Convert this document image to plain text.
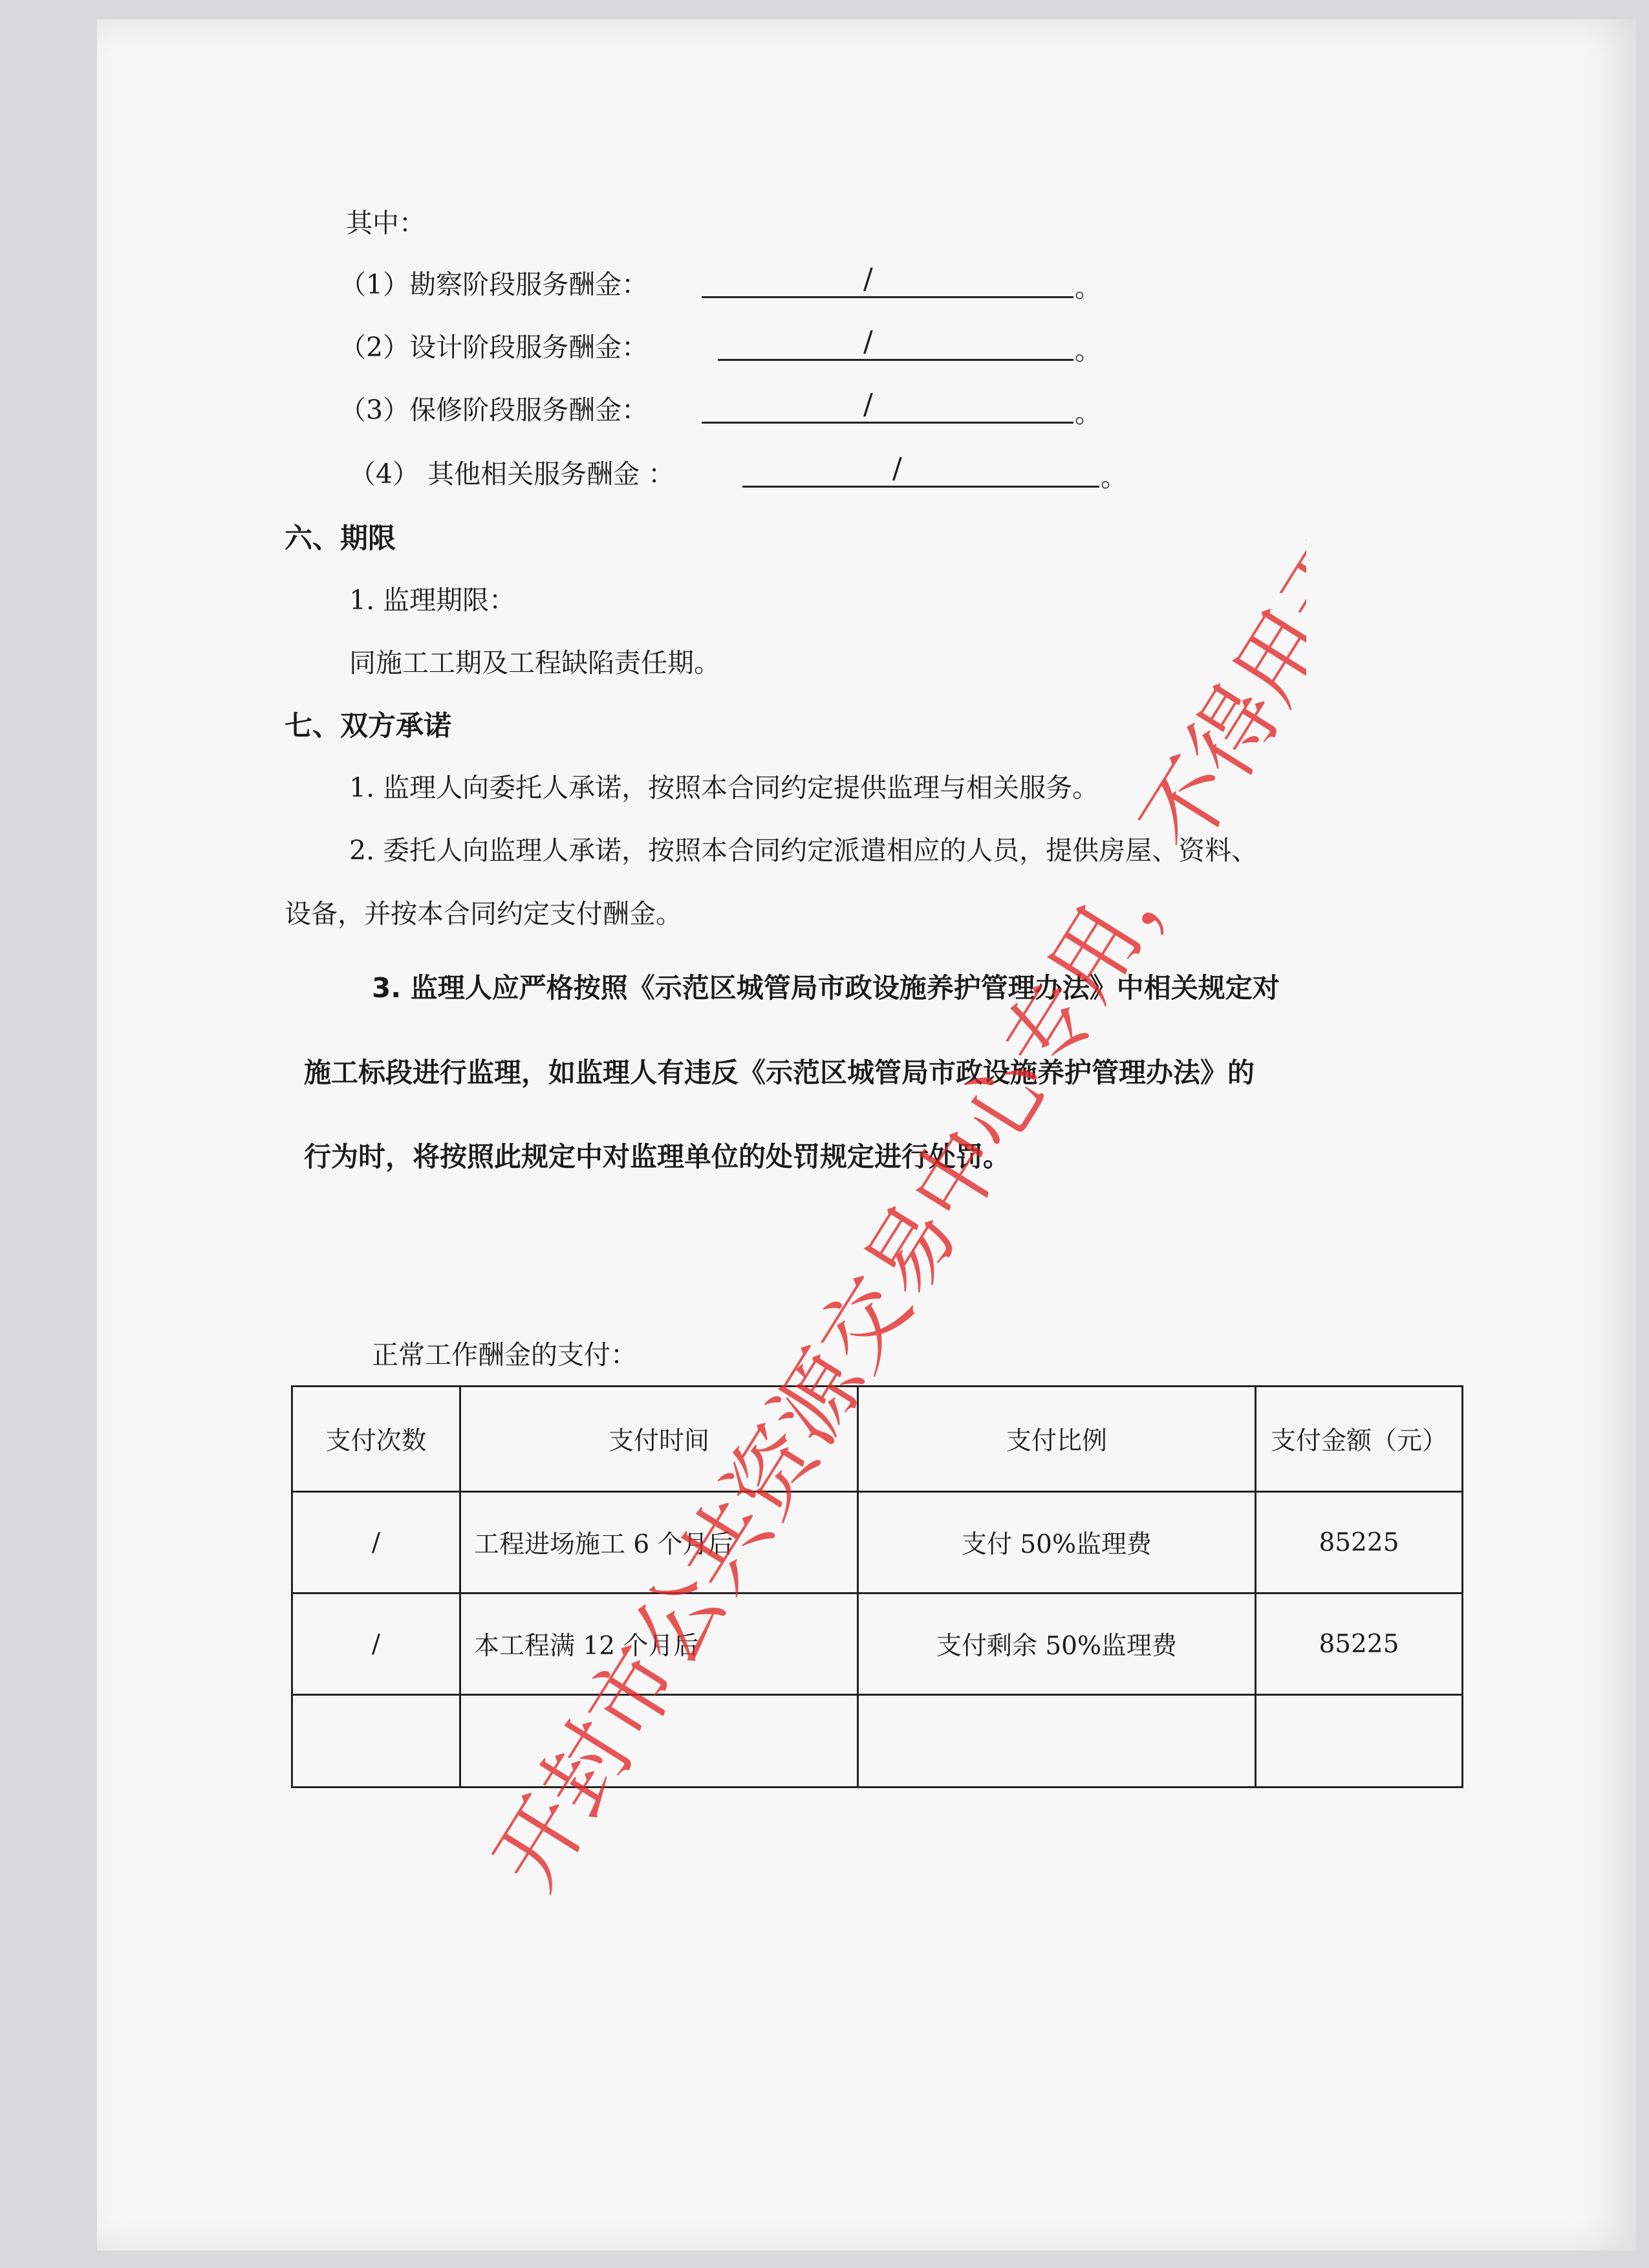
其中：
（1）勘察阶段服务酬金：	/	。
（2）设计阶段服务酬金：	/	。
（3）保修阶段服务酬金：	/	。
（4） 其他相关服务酬金 ：	/	。
六、期限
1. 监理期限：
同施工工期及工程缺陷责任期。
七、双方承诺
1. 监理人向委托人承诺，按照本合同约定提供监理与相关服务。
2. 委托人向监理人承诺，按照本合同约定派遣相应的人员，提供房屋、资料、
设备，并按本合同约定支付酬金。
3. 监理人应严格按照《示范区城管局市政设施养护管理办法》中相关规定对
施工标段进行监理，如监理人有违反《示范区城管局市政设施养护管理办法》的
行为时，将按照此规定中对监理单位的处罚规定进行处罚。
正常工作酬金的支付：
支付次数	支付时间	支付比例	支付金额（元）
/	工程进场施工 6 个月后	支付 50%监理费	85225
/	本工程满 12 个月后	支付剩余 50%监理费	85225
